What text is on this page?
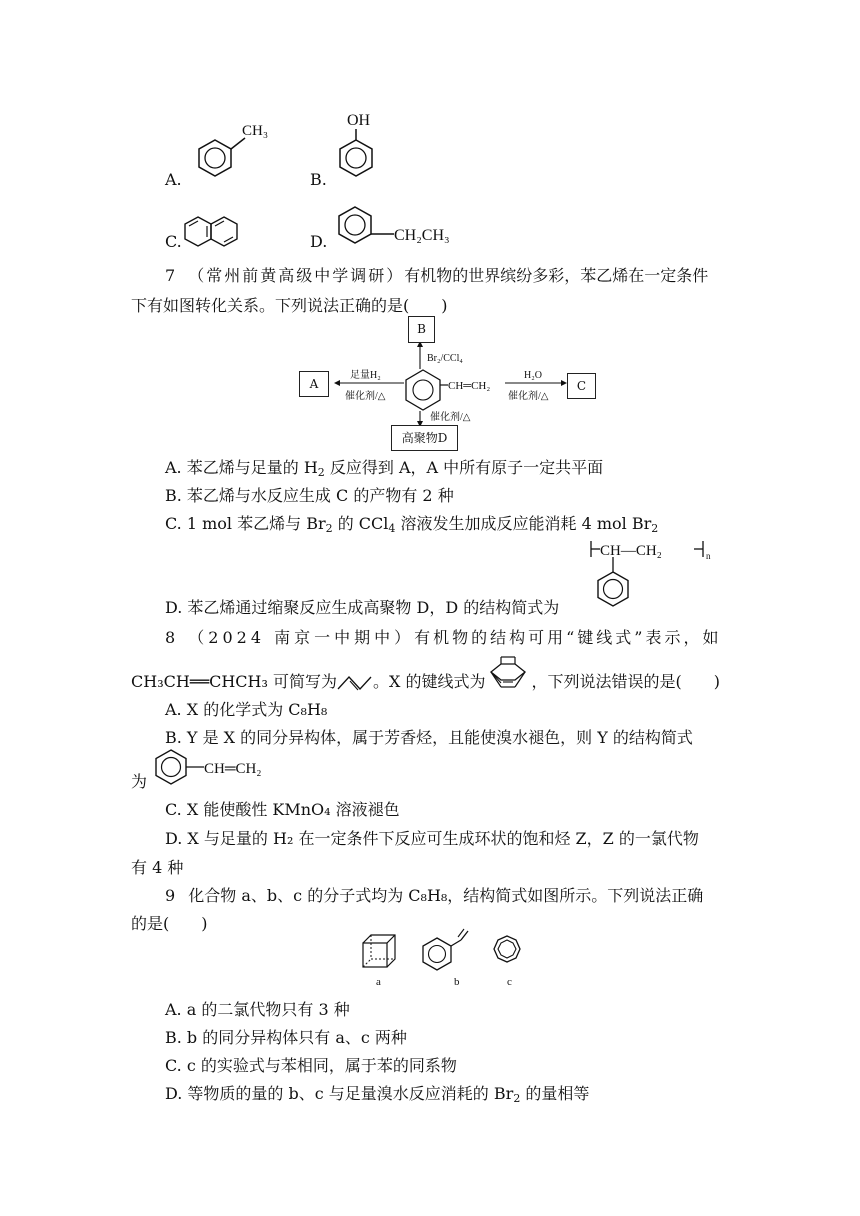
A.
CH₃
B.
OH
C.	D.	CH₂CH₃
7 （常州前黄高级中学调研）有机物的世界缤纷多彩，苯乙烯在一定条件
下有如图转化关系。下列说法正确的是(　　)
CH═CH₂
Br₂/CCl₄
足量H₂
催化剂/△
H₂O
催化剂/△
催化剂/△
B
A	C
高聚物D
A. 苯乙烯与足量的 $H_2$ 反应得到 A，A 中所有原子一定共平面
B. 苯乙烯与水反应生成 C 的产物有 2 种
C. 1 mol 苯乙烯与 $Br_2$ 的 CCl$_4$ 溶液发生加成反应能消耗 4 mol $Br_2$
CH—CH₂	n
D. 苯乙烯通过缩聚反应生成高聚物 D，D 的结构简式为
8 （2024 南京一中期中）有机物的结构可用“键线式”表示，如
CH₃CH══CHCH₃ 可简写为 。X 的键线式为	，下列说法错误的是(　　)
A. X 的化学式为 C₈H₈
B. Y 是 X 的同分异构体，属于芳香烃，且能使溴水褪色，则 Y 的结构简式
CH═CH₂
为
C. X 能使酸性 KMnO₄ 溶液褪色
D. X 与足量的 H₂ 在一定条件下反应可生成环状的饱和烃 Z，Z 的一氯代物
有 4 种
9 化合物 a、b、c 的分子式均为 C₈H₈，结构简式如图所示。下列说法正确
的是(　　)
a	b	c
A. a 的二氯代物只有 3 种
B. b 的同分异构体只有 a、c 两种
C. c 的实验式与苯相同，属于苯的同系物
D. 等物质的量的 b、c 与足量溴水反应消耗的 $Br_2$ 的量相等
